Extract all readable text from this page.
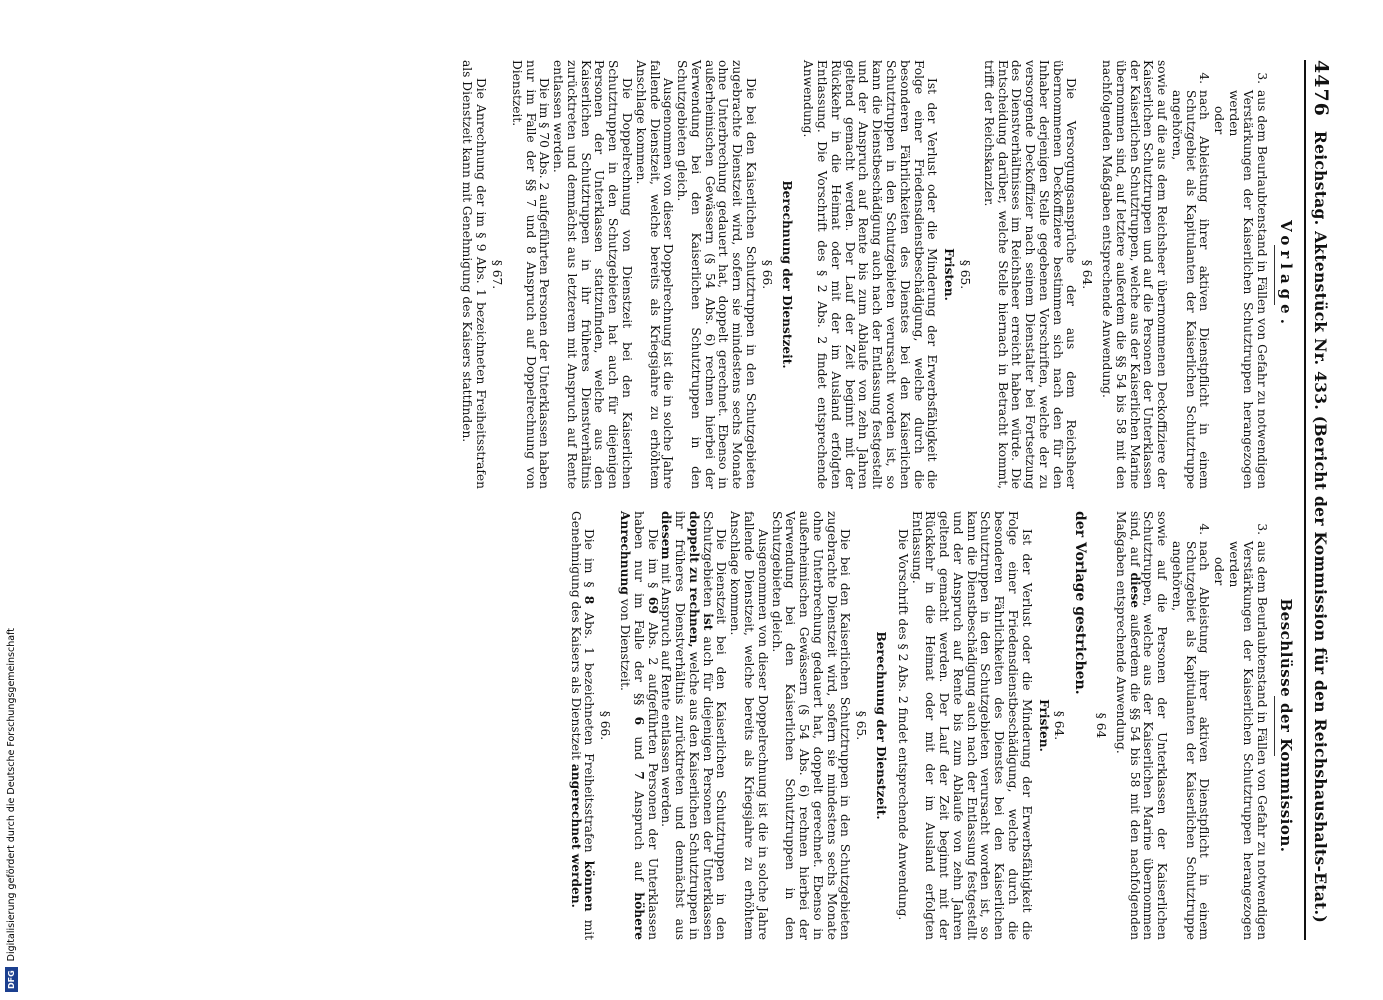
4476
Reichstag. Aktenstück Nr. 433. (Bericht der Kommission für den Reichshaushalts-Etat.)
Vorlage.
3.
aus dem Beurlaubtenstand in Fällen von Gefahr zu notwendigen Verstärkungen der Kaiserlichen Schutztruppen herangezogen werden
oder
4.
nach Ableistung ihrer aktiven Dienstpflicht in einem Schutzgebiet als Kapitulanten der Kaiserlichen Schutztruppe angehören,

sowie auf die aus dem Reichsheer übernommenen Deckoffiziere der Kaiserlichen Schutztruppen und auf die Personen der Unterklassen der Kaiserlichen Schutztruppen, welche aus der Kaiserlichen Marine übernommen sind, auf letztere außerdem die §§ 54 bis 58 mit den nachfolgenden Maßgaben entsprechende Anwendung.

§ 64.

Die Versorgungsansprüche der aus dem Reichsheer übernommenen Deckoffiziere bestimmen sich nach den für den Inhaber derjenigen Stelle gegebenen Vorschriften, welche der zu versorgende Deckoffizier nach seinem Dienstalter bei Fortsetzung des Dienstverhältnisses im Reichsheer erreicht haben würde. Die Entscheidung darüber, welche Stelle hiernach in Betracht kommt, trifft der Reichskanzler.

§ 65.
Fristen.

Ist der Verlust oder die Minderung der Erwerbsfähigkeit die Folge einer Friedensdienstbeschädigung, welche durch die besonderen Fährlichkeiten des Dienstes bei den Kaiserlichen Schutztruppen in den Schutzgebieten verursacht worden ist, so kann die Dienstbeschädigung auch nach der Entlassung festgestellt und der Anspruch auf Rente bis zum Ablaufe von zehn Jahren geltend gemacht werden. Der Lauf der Zeit beginnt mit der Rückkehr in die Heimat oder mit der im Ausland erfolgten Entlassung. Die Vorschrift des § 2 Abs. 2 findet entsprechende Anwendung.

Berechnung der Dienstzeit.
§ 66.

Die bei den Kaiserlichen Schutztruppen in den Schutzgebieten zugebrachte Dienstzeit wird, sofern sie mindestens sechs Monate ohne Unterbrechung gedauert hat, doppelt gerechnet. Ebenso in außerheimischen Gewässern (§ 54 Abs. 6) rechnen hierbei der Verwendung bei den Kaiserlichen Schutztruppen in den Schutzgebieten gleich.

Ausgenommen von dieser Doppelrechnung ist die in solche Jahre fallende Dienstzeit, welche bereits als Kriegsjahre zu erhöhtem Anschlage kommen.

Die Doppelrechnung von Dienstzeit bei den Kaiserlichen Schutztruppen in den Schutzgebieten hat auch für diejenigen Personen der Unterklassen stattzufinden, welche aus den Kaiserlichen Schutztruppen in ihr früheres Dienstverhältnis zurücktreten und demnächst aus letzterem mit Anspruch auf Rente entlassen werden.

Die im § 70 Abs. 2 aufgeführten Personen der Unterklassen haben nur im Falle der §§ 7 und 8 Anspruch auf Doppelrechnung von Dienstzeit.

§ 67.

Die Anrechnung der im § 9 Abs. 1 bezeichneten Freiheitsstrafen als Dienstzeit kann mit Genehmigung des Kaisers stattfinden.

Beschlüsse der Kommission.
3.
aus dem Beurlaubtenstand in Fällen von Gefahr zu notwendigen Verstärkungen der Kaiserlichen Schutztruppen herangezogen werden
oder
4.
nach Ableistung ihrer aktiven Dienstpflicht in einem Schutzgebiet als Kapitulanten der Kaiserlichen Schutztruppe angehören,

sowie auf die Personen der Unterklassen der Kaiserlichen Schutztruppen, welche aus der Kaiserlichen Marine übernommen sind, auf diese außerdem die §§ 54 bis 58 mit den nachfolgenden Maßgaben entsprechende Anwendung.

§ 64
der Vorlage gestrichen.
§ 64.
Fristen.

Ist der Verlust oder die Minderung der Erwerbsfähigkeit die Folge einer Friedensdienstbeschädigung, welche durch die besonderen Fährlichkeiten des Dienstes bei den Kaiserlichen Schutztruppen in den Schutzgebieten verursacht worden ist, so kann die Dienstbeschädigung auch nach der Entlassung festgestellt und der Anspruch auf Rente bis zum Ablaufe von zehn Jahren geltend gemacht werden. Der Lauf der Zeit beginnt mit der Rückkehr in die Heimat oder mit der im Ausland erfolgten Entlassung.

Die Vorschrift des § 2 Abs. 2 findet entsprechende Anwendung.

Berechnung der Dienstzeit.
§ 65.

Die bei den Kaiserlichen Schutztruppen in den Schutzgebieten zugebrachte Dienstzeit wird, sofern sie mindestens sechs Monate ohne Unterbrechung gedauert hat, doppelt gerechnet. Ebenso in außerheimischen Gewässern (§ 54 Abs. 6) rechnen hierbei der Verwendung bei den Kaiserlichen Schutztruppen in den Schutzgebieten gleich.

Ausgenommen von dieser Doppelrechnung ist die in solche Jahre fallende Dienstzeit, welche bereits als Kriegsjahre zu erhöhtem Anschlage kommen.

Die Dienstzeit bei den Kaiserlichen Schutztruppen in den Schutzgebieten ist auch für diejenigen Personen der Unterklassen doppelt zu rechnen, welche aus den Kaiserlichen Schutztruppen in ihr früheres Dienstverhältnis zurücktreten und demnächst aus diesem mit Anspruch auf Rente entlassen werden.

Die im § 69 Abs. 2 aufgeführten Personen der Unterklassen haben nur im Falle der §§ 6 und 7 Anspruch auf höhere Anrechnung von Dienstzeit.

§ 66.

Die im § 8 Abs. 1 bezeichneten Freiheitsstrafen können mit Genehmigung des Kaisers als Dienstzeit angerechnet werden.

DFG
Digitalisierung gefördert durch die Deutsche Forschungsgemeinschaft
